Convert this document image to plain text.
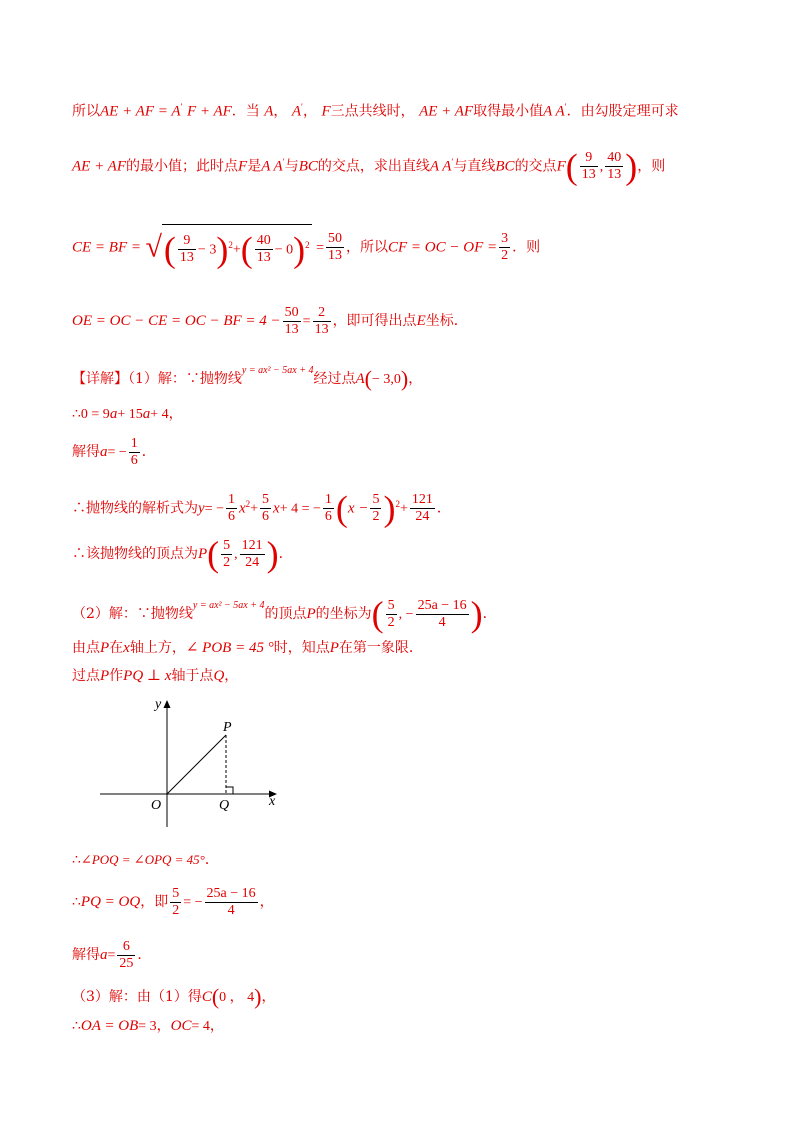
所以AE + AF = A′ F + AF．当 A， A′， F三点共线时， AE + AF取得最小值A A′．由勾股定理可求
AE + AF的最小值；此时点F是A A′与BC的交点，求出直线A A′与直线BC的交点$F( \frac{9}{13}$ , $\frac{40}{13}$ )，则
CE = BF = √( $\frac{9}{13} - 3)^2+( \frac{40}{13} - 0)^2 = \frac{50}{13}$ ，所以CF = OC − OF = $\frac{3}{2}$ ．则
OE = OC − CE = OC − BF = $4 - \frac{50}{13} = \frac{2}{13}$ ，即可得出点E坐标．
【详解】（1）解：∵抛物线$^{y = ax^2 - 5ax + 4}$经过点A(− 3,0)，
∴0 = 9a+ 15a+ 4，
解得$a= - \frac{1}{6}$ ．
∴抛物线的解析式为$y= - \frac{1}{6} x^2+ \frac{5}{6} x+ 4$ = − $\frac{1}{6} (x - \frac{5}{2} )^2+ \frac{121}{24}$ ．
∴该抛物线的顶点为$P( \frac{5}{2}$ , $\frac{121}{24}$ )．
（2）解：∵抛物线$^{y = ax^2 - 5ax + 4}$的顶点P的坐标为( $\frac{5}{2}$ , − $\frac{25a - 16}{4}$ )．
由点P在x轴上方，∠ POB = 45 °时，知点P在第一象限．
过点P作PQ ⊥ x轴于点Q，
y
x
O
P
Q
∴∠POQ = ∠OPQ = 45°．
∴PQ = OQ，即 $\frac{5}{2}$ = − $\frac{25a - 16}{4}$ ，
解得$a= \frac{6}{25}$ ．
（3）解：由（1）得C(0 ， 4)，
∴OA = OB= 3，OC= 4，
